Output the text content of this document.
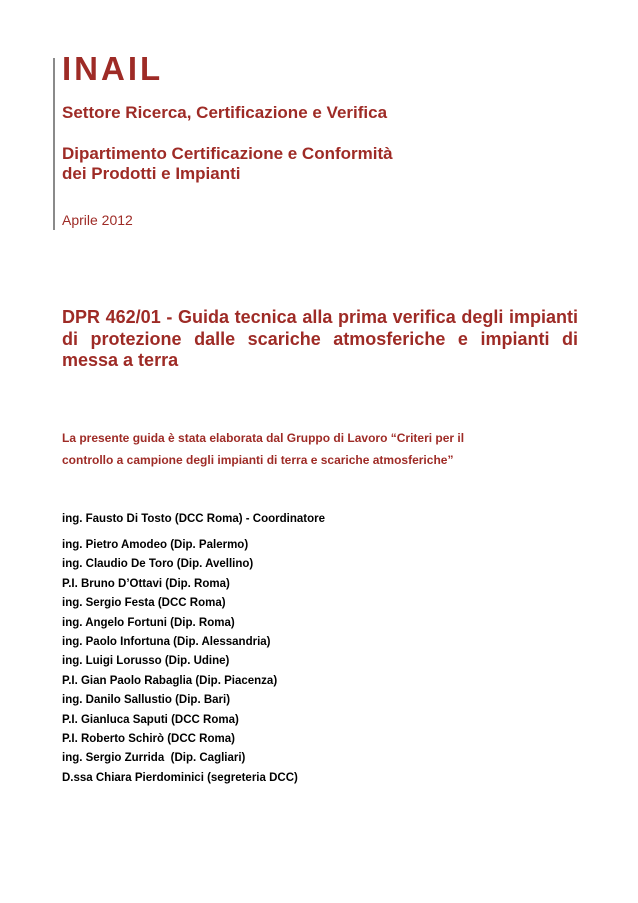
INAIL
Settore Ricerca, Certificazione e Verifica
Dipartimento Certificazione e Conformità
dei Prodotti e Impianti
Aprile 2012
DPR 462/01 - Guida tecnica alla prima verifica degli impianti di protezione dalle scariche atmosferiche e impianti di messa a terra
La presente guida è stata elaborata dal Gruppo di Lavoro “Criteri per il
controllo a campione degli impianti di terra e scariche atmosferiche”
ing. Fausto Di Tosto (DCC Roma) - Coordinatore
ing. Pietro Amodeo (Dip. Palermo)
ing. Claudio De Toro (Dip. Avellino)
P.I. Bruno D’Ottavi (Dip. Roma)
ing. Sergio Festa (DCC Roma)
ing. Angelo Fortuni (Dip. Roma)
ing. Paolo Infortuna (Dip. Alessandria)
ing. Luigi Lorusso (Dip. Udine)
P.I. Gian Paolo Rabaglia (Dip. Piacenza)
ing. Danilo Sallustio (Dip. Bari)
P.I. Gianluca Saputi (DCC Roma)
P.I. Roberto Schirò (DCC Roma)
ing. Sergio Zurrida  (Dip. Cagliari)
D.ssa Chiara Pierdominici (segreteria DCC)
